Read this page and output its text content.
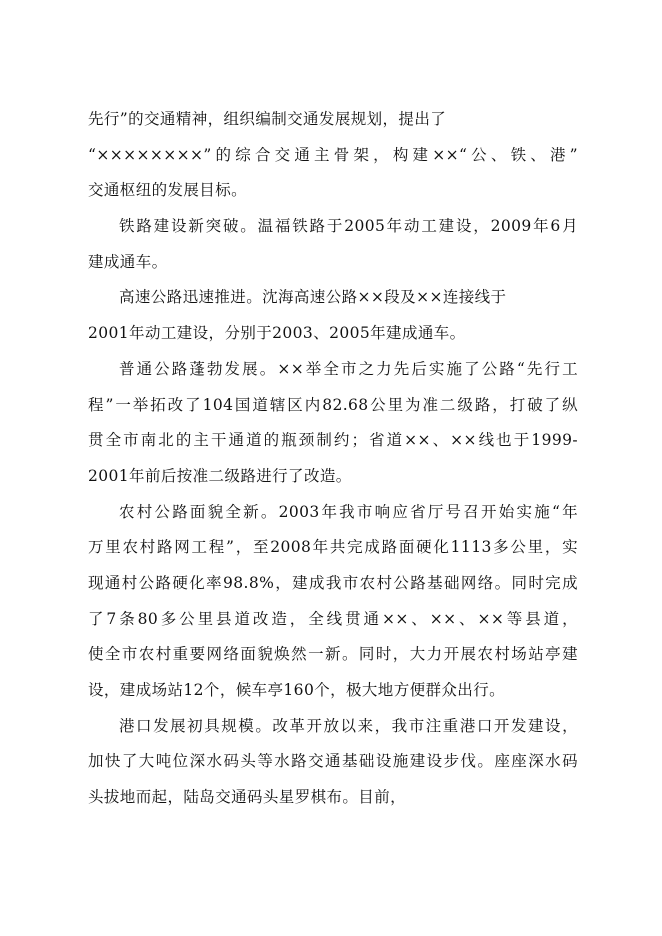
先行”的交通精神，组织编制交通发展规划，提出了
“××××××××”的综合交通主骨架，构建××“公、铁、港”
交通枢纽的发展目标。
铁路建设新突破。温福铁路于2005年动工建设，2009年6月
建成通车。
高速公路迅速推进。沈海高速公路××段及××连接线于
2001年动工建设，分别于2003、2005年建成通车。
普通公路蓬勃发展。××举全市之力先后实施了公路“先行工
程”一举拓改了104国道辖区内82.68公里为准二级路，打破了纵
贯全市南北的主干通道的瓶颈制约；省道××、××线也于1999-
2001年前后按准二级路进行了改造。
农村公路面貌全新。2003年我市响应省厅号召开始实施“年
万里农村路网工程”，至2008年共完成路面硬化1113多公里，实
现通村公路硬化率98.8%，建成我市农村公路基础网络。同时完成
了7条80多公里县道改造，全线贯通××、××、××等县道，
使全市农村重要网络面貌焕然一新。同时，大力开展农村场站亭建
设，建成场站12个，候车亭160个，极大地方便群众出行。
港口发展初具规模。改革开放以来，我市注重港口开发建设，
加快了大吨位深水码头等水路交通基础设施建设步伐。座座深水码
头拔地而起，陆岛交通码头星罗棋布。目前，
